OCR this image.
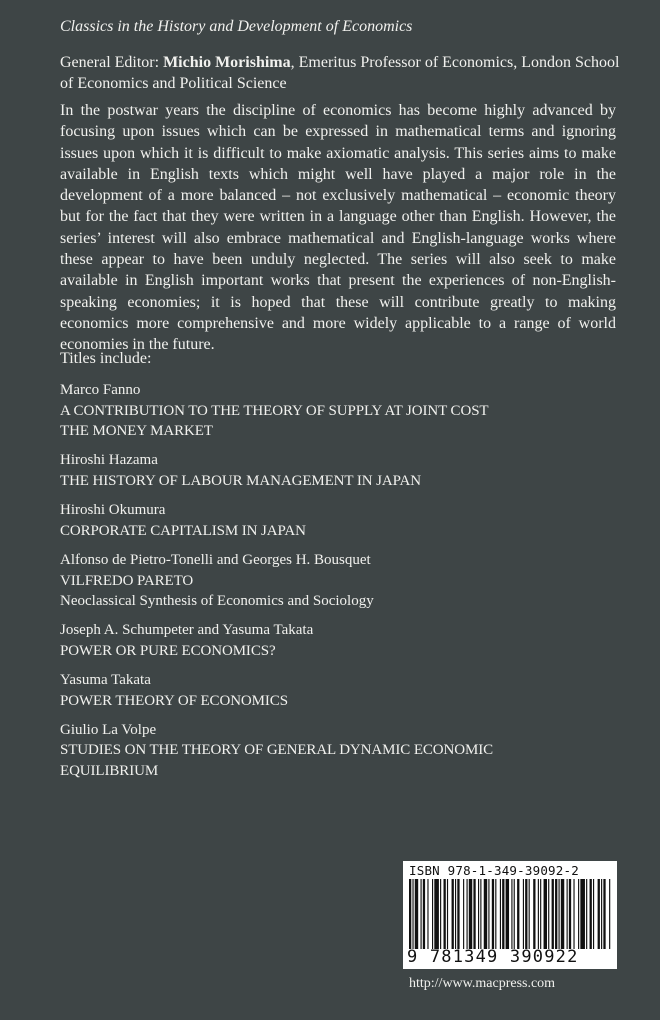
Classics in the History and Development of Economics
General Editor: Michio Morishima, Emeritus Professor of Economics, London School of Economics and Political Science

In the postwar years the discipline of economics has become highly advanced by focusing upon issues which can be expressed in mathematical terms and ignoring issues upon which it is difficult to make axiomatic analysis. This series aims to make available in English texts which might well have played a major role in the development of a more balanced – not exclusively mathematical – economic theory but for the fact that they were written in a language other than English. However, the series’ interest will also embrace mathematical and English-language works where these appear to have been unduly neglected. The series will also seek to make available in English important works that present the experiences of non-English-speaking economies; it is hoped that these will contribute greatly to making economics more comprehensive and more widely applicable to a range of world economies in the future.

Titles include:
Marco Fanno
A CONTRIBUTION TO THE THEORY OF SUPPLY AT JOINT COST
THE MONEY MARKET
Hiroshi Hazama
THE HISTORY OF LABOUR MANAGEMENT IN JAPAN
Hiroshi Okumura
CORPORATE CAPITALISM IN JAPAN
Alfonso de Pietro-Tonelli and Georges H. Bousquet
VILFREDO PARETO
Neoclassical Synthesis of Economics and Sociology
Joseph A. Schumpeter and Yasuma Takata
POWER OR PURE ECONOMICS?
Yasuma Takata
POWER THEORY OF ECONOMICS
Giulio La Volpe
STUDIES ON THE THEORY OF GENERAL DYNAMIC ECONOMIC
EQUILIBRIUM
ISBN 978-1-349-39092-2
9 781349 390922
http://www.macpress.com
